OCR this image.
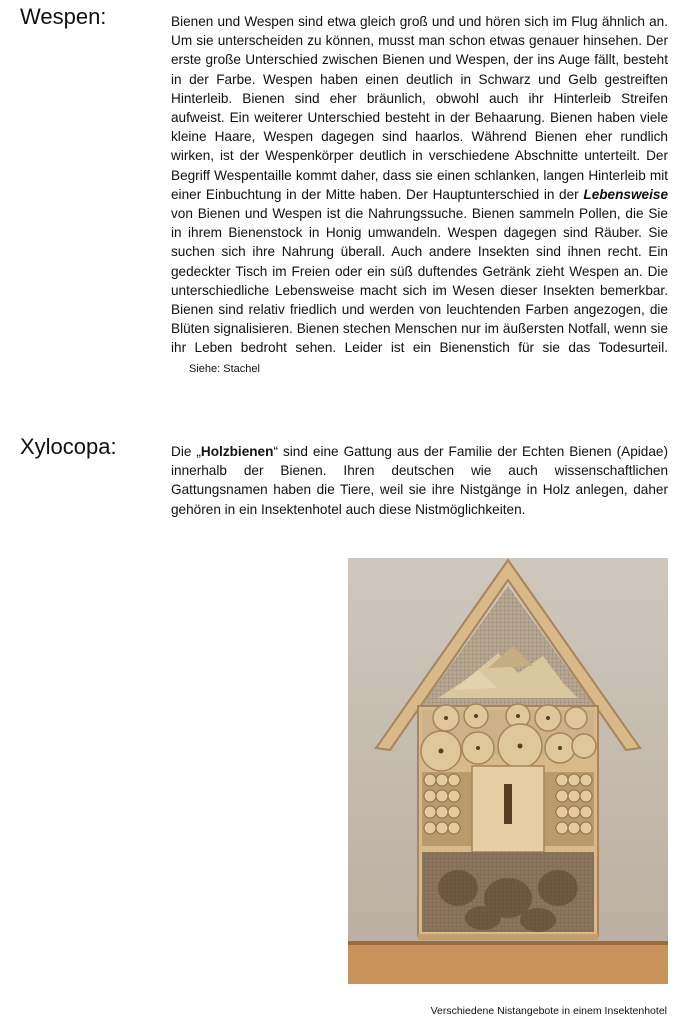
Wespen:	Bienen und Wespen sind etwa gleich groß und und hören sich im Flug ähnlich an. Um sie unterscheiden zu können, musst man schon etwas genauer hinsehen. Der erste große Unterschied zwischen Bienen und Wespen, der ins Auge fällt, besteht in der Farbe. Wespen haben einen deutlich in Schwarz und Gelb gestreiften Hinterleib. Bienen sind eher bräunlich, obwohl auch ihr Hinterleib Streifen aufweist. Ein weiterer Unterschied besteht in der Behaarung. Bienen haben viele kleine Haare, Wespen dagegen sind haarlos. Während Bienen eher rundlich wirken, ist der Wespenkörper deutlich in verschiedene Abschnitte unterteilt. Der Begriff Wespentaille kommt daher, dass sie einen schlanken, langen Hinterleib mit einer Einbuchtung in der Mitte haben. Der Hauptunterschied in der Lebensweise von Bienen und Wespen ist die Nahrungssuche. Bienen sammeln Pollen, die Sie in ihrem Bienenstock in Honig umwandeln. Wespen dagegen sind Räuber. Sie suchen sich ihre Nahrung überall. Auch andere Insekten sind ihnen recht. Ein gedeckter Tisch im Freien oder ein süß duftendes Getränk zieht Wespen an. Die unterschiedliche Lebensweise macht sich im Wesen dieser Insekten bemerkbar. Bienen sind relativ friedlich und werden von leuchtenden Farben angezogen, die Blüten signalisieren. Bienen stechen Menschen nur im äußersten Notfall, wenn sie ihr Leben bedroht sehen. Leider ist ein Bienenstich für sie das Todesurteil. Siehe: Stachel
Xylocopa:	Die „Holzbienen“ sind eine Gattung aus der Familie der Echten Bienen (Apidae) innerhalb der Bienen. Ihren deutschen wie auch wissenschaftlichen Gattungsnamen haben die Tiere, weil sie ihre Nistgänge in Holz anlegen, daher gehören in ein Insektenhotel auch diese Nistmöglichkeiten.
Verschiedene Nistangebote in einem Insektenhotel
